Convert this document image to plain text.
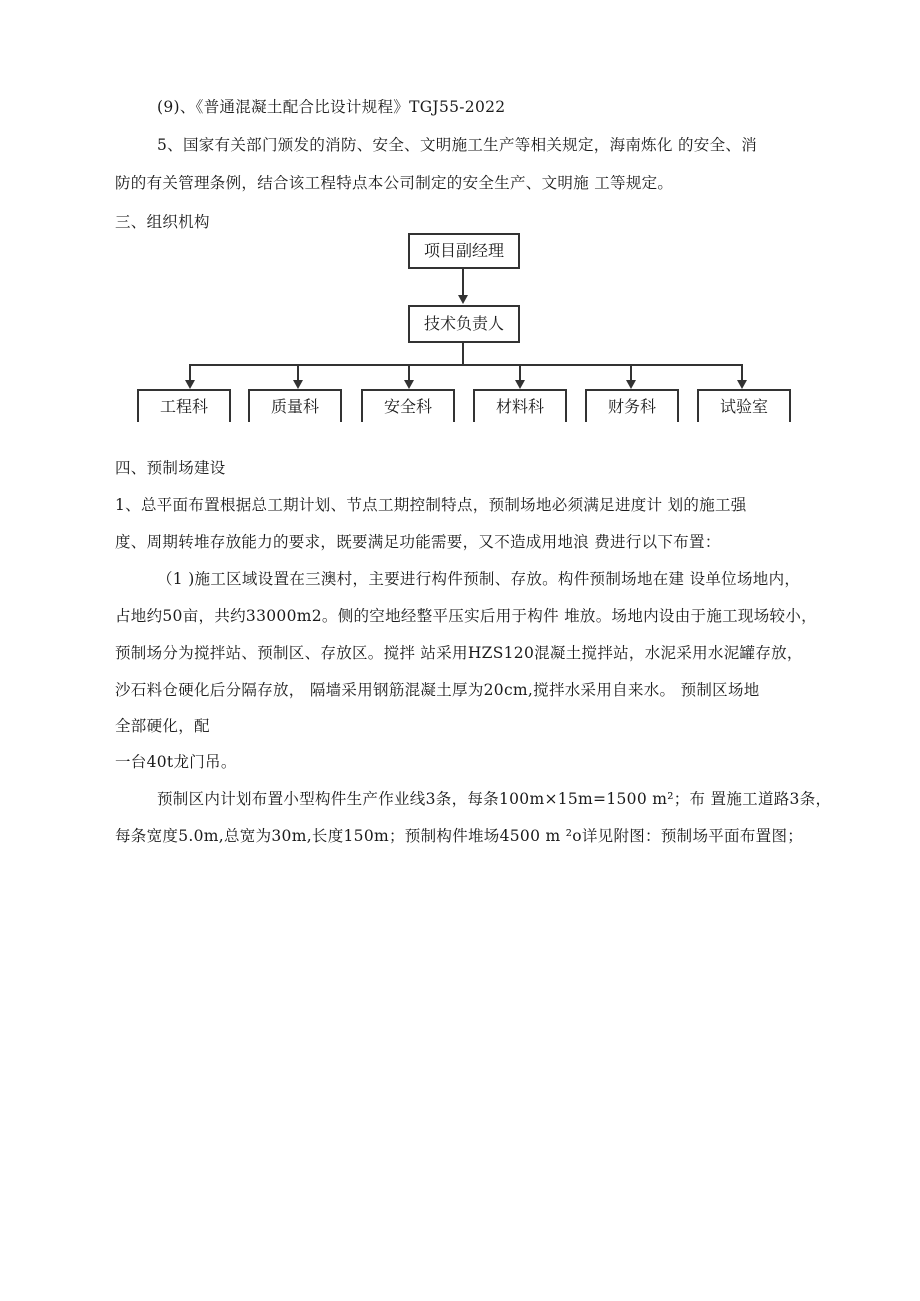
(9)、《普通混凝土配合比设计规程》TGJ55-2022
5、国家有关部门颁发的消防、安全、文明施工生产等相关规定，海南炼化 的安全、消
防的有关管理条例，结合该工程特点本公司制定的安全生产、文明施 工等规定。
三、组织机构
项目副经理
技术负责人
工程科	质量科	安全科	材料科	财务科	试验室
四、预制场建设
1、总平面布置根据总工期计划、节点工期控制特点，预制场地必须满足进度计 划的施工强
度、周期转堆存放能力的要求，既要满足功能需要，又不造成用地浪 费进行以下布置：
（1 )施工区域设置在三澳村，主要进行构件预制、存放。构件预制场地在建 设单位场地内，
占地约50亩，共约33000m2。侧的空地经整平压实后用于构件 堆放。场地内设由于施工现场较小，
预制场分为搅拌站、预制区、存放区。搅拌 站采用HZS120混凝土搅拌站，水泥采用水泥罐存放，
沙石料仓硬化后分隔存放， 隔墙采用钢筋混凝土厚为20cm,搅拌水采用自来水。 预制区场地
全部硬化，配
一台40t龙门吊。
预制区内计划布置小型构件生产作业线3条，每条100m×15m=1500 m²；布 置施工道路3条，
每条宽度5.0m,总宽为30m,长度150m；预制构件堆场4500 m ²o详见附图：预制场平面布置图；
